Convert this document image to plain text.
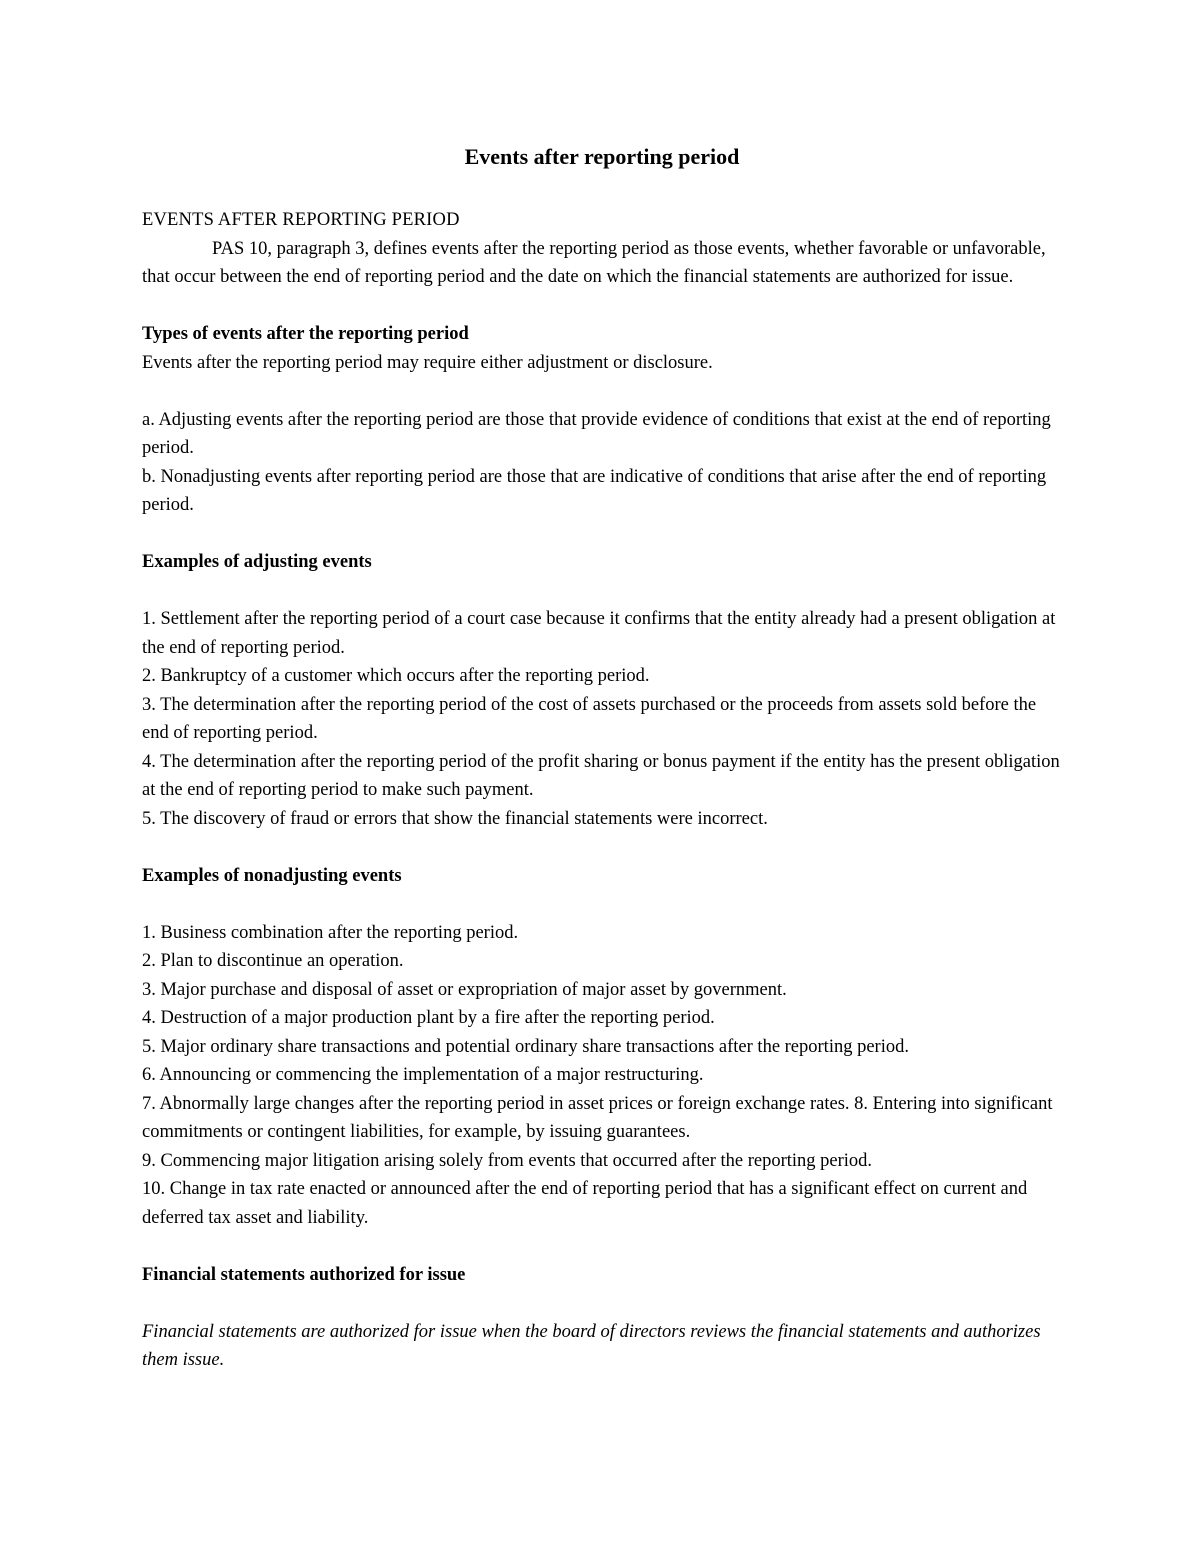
Events after reporting period

EVENTS AFTER REPORTING PERIOD

PAS 10, paragraph 3, defines events after the reporting period as those events, whether favorable or unfavorable, that occur between the end of reporting period and the date on which the financial statements are authorized for issue.

Types of events after the reporting period

Events after the reporting period may require either adjustment or disclosure.

a. Adjusting events after the reporting period are those that provide evidence of conditions that exist at the end of reporting period.

b. Nonadjusting events after reporting period are those that are indicative of conditions that arise after the end of reporting period.

Examples of adjusting events

1. Settlement after the reporting period of a court case because it confirms that the entity already had a present obligation at the end of reporting period.
2. Bankruptcy of a customer which occurs after the reporting period.
3. The determination after the reporting period of the cost of assets purchased or the proceeds from assets sold before the end of reporting period.
4. The determination after the reporting period of the profit sharing or bonus payment if the entity has the present obligation at the end of reporting period to make such payment.
5. The discovery of fraud or errors that show the financial statements were incorrect.

Examples of nonadjusting events

1. Business combination after the reporting period.
2. Plan to discontinue an operation.
3. Major purchase and disposal of asset or expropriation of major asset by government.
4. Destruction of a major production plant by a fire after the reporting period.
5. Major ordinary share transactions and potential ordinary share transactions after the reporting period.
6. Announcing or commencing the implementation of a major restructuring.
7. Abnormally large changes after the reporting period in asset prices or foreign exchange rates. 8. Entering into significant commitments or contingent liabilities, for example, by issuing guarantees.
9. Commencing major litigation arising solely from events that occurred after the reporting period.
10. Change in tax rate enacted or announced after the end of reporting period that has a significant effect on current and deferred tax asset and liability.

Financial statements authorized for issue

Financial statements are authorized for issue when the board of directors reviews the financial statements and authorizes them issue.
